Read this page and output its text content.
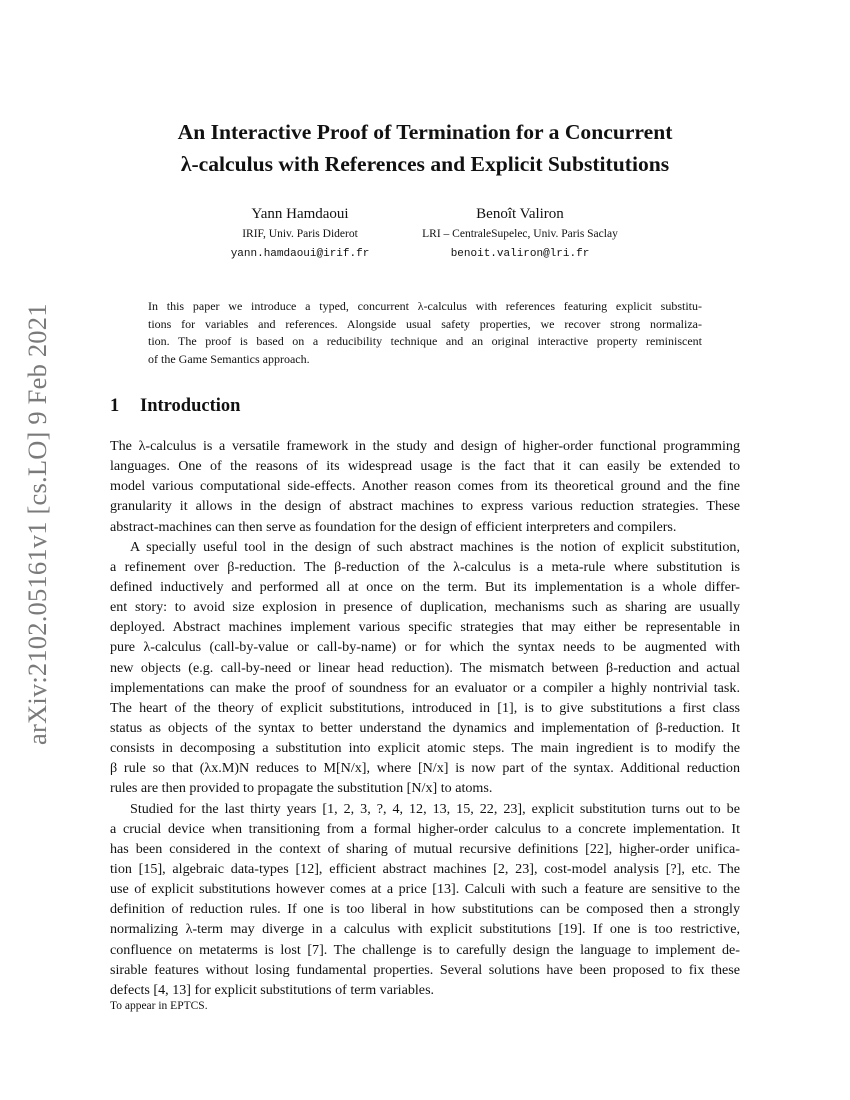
arXiv:2102.05161v1 [cs.LO] 9 Feb 2021
An Interactive Proof of Termination for a Concurrent
λ-calculus with References and Explicit Substitutions
Yann Hamdaoui
IRIF, Univ. Paris Diderot
yann.hamdaoui@irif.fr
Benoît Valiron
LRI – CentraleSupelec, Univ. Paris Saclay
benoit.valiron@lri.fr
In this paper we introduce a typed, concurrent λ-calculus with references featuring explicit substitu-
tions for variables and references. Alongside usual safety properties, we recover strong normaliza-
tion. The proof is based on a reducibility technique and an original interactive property reminiscent
of the Game Semantics approach.
1 Introduction
The λ-calculus is a versatile framework in the study and design of higher-order functional programming
languages. One of the reasons of its widespread usage is the fact that it can easily be extended to
model various computational side-effects. Another reason comes from its theoretical ground and the fine
granularity it allows in the design of abstract machines to express various reduction strategies. These
abstract-machines can then serve as foundation for the design of efficient interpreters and compilers.
A specially useful tool in the design of such abstract machines is the notion of explicit substitution,
a refinement over β-reduction. The β-reduction of the λ-calculus is a meta-rule where substitution is
defined inductively and performed all at once on the term. But its implementation is a whole differ-
ent story: to avoid size explosion in presence of duplication, mechanisms such as sharing are usually
deployed. Abstract machines implement various specific strategies that may either be representable in
pure λ-calculus (call-by-value or call-by-name) or for which the syntax needs to be augmented with
new objects (e.g. call-by-need or linear head reduction). The mismatch between β-reduction and actual
implementations can make the proof of soundness for an evaluator or a compiler a highly nontrivial task.
The heart of the theory of explicit substitutions, introduced in [1], is to give substitutions a first class
status as objects of the syntax to better understand the dynamics and implementation of β-reduction. It
consists in decomposing a substitution into explicit atomic steps. The main ingredient is to modify the
β rule so that (λx.M)N reduces to M[N/x], where [N/x] is now part of the syntax. Additional reduction
rules are then provided to propagate the substitution [N/x] to atoms.
Studied for the last thirty years [1, 2, 3, ?, 4, 12, 13, 15, 22, 23], explicit substitution turns out to be
a crucial device when transitioning from a formal higher-order calculus to a concrete implementation. It
has been considered in the context of sharing of mutual recursive definitions [22], higher-order unifica-
tion [15], algebraic data-types [12], efficient abstract machines [2, 23], cost-model analysis [?], etc. The
use of explicit substitutions however comes at a price [13]. Calculi with such a feature are sensitive to the
definition of reduction rules. If one is too liberal in how substitutions can be composed then a strongly
normalizing λ-term may diverge in a calculus with explicit substitutions [19]. If one is too restrictive,
confluence on metaterms is lost [7]. The challenge is to carefully design the language to implement de-
sirable features without losing fundamental properties. Several solutions have been proposed to fix these
defects [4, 13] for explicit substitutions of term variables.
To appear in EPTCS.
